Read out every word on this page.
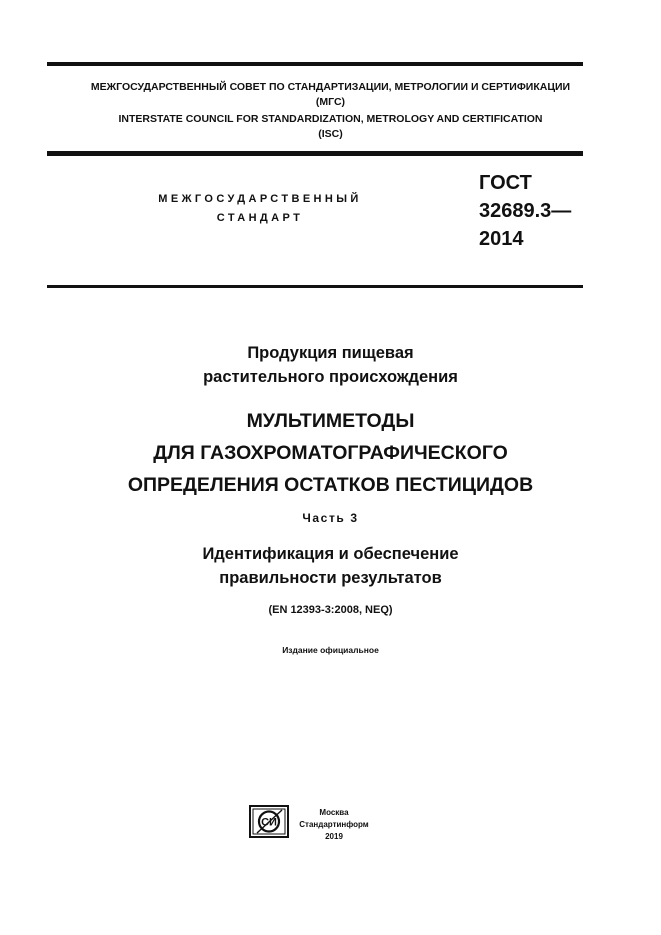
МЕЖГОСУДАРСТВЕННЫЙ СОВЕТ ПО СТАНДАРТИЗАЦИИ, МЕТРОЛОГИИ И СЕРТИФИКАЦИИ
(МГС)
INTERSTATE COUNCIL FOR STANDARDIZATION, METROLOGY AND CERTIFICATION
(ISC)
МЕЖГОСУДАРСТВЕННЫЙ
СТАНДАРТ
ГОСТ
32689.3—
2014
Продукция пищевая
растительного происхождения
МУЛЬТИМЕТОДЫ
ДЛЯ ГАЗОХРОМАТОГРАФИЧЕСКОГО
ОПРЕДЕЛЕНИЯ ОСТАТКОВ ПЕСТИЦИДОВ
Часть 3
Идентификация и обеспечение
правильности результатов
(EN 12393-3:2008, NEQ)
Издание официальное
СИ
Москва
Стандартинформ
2019
